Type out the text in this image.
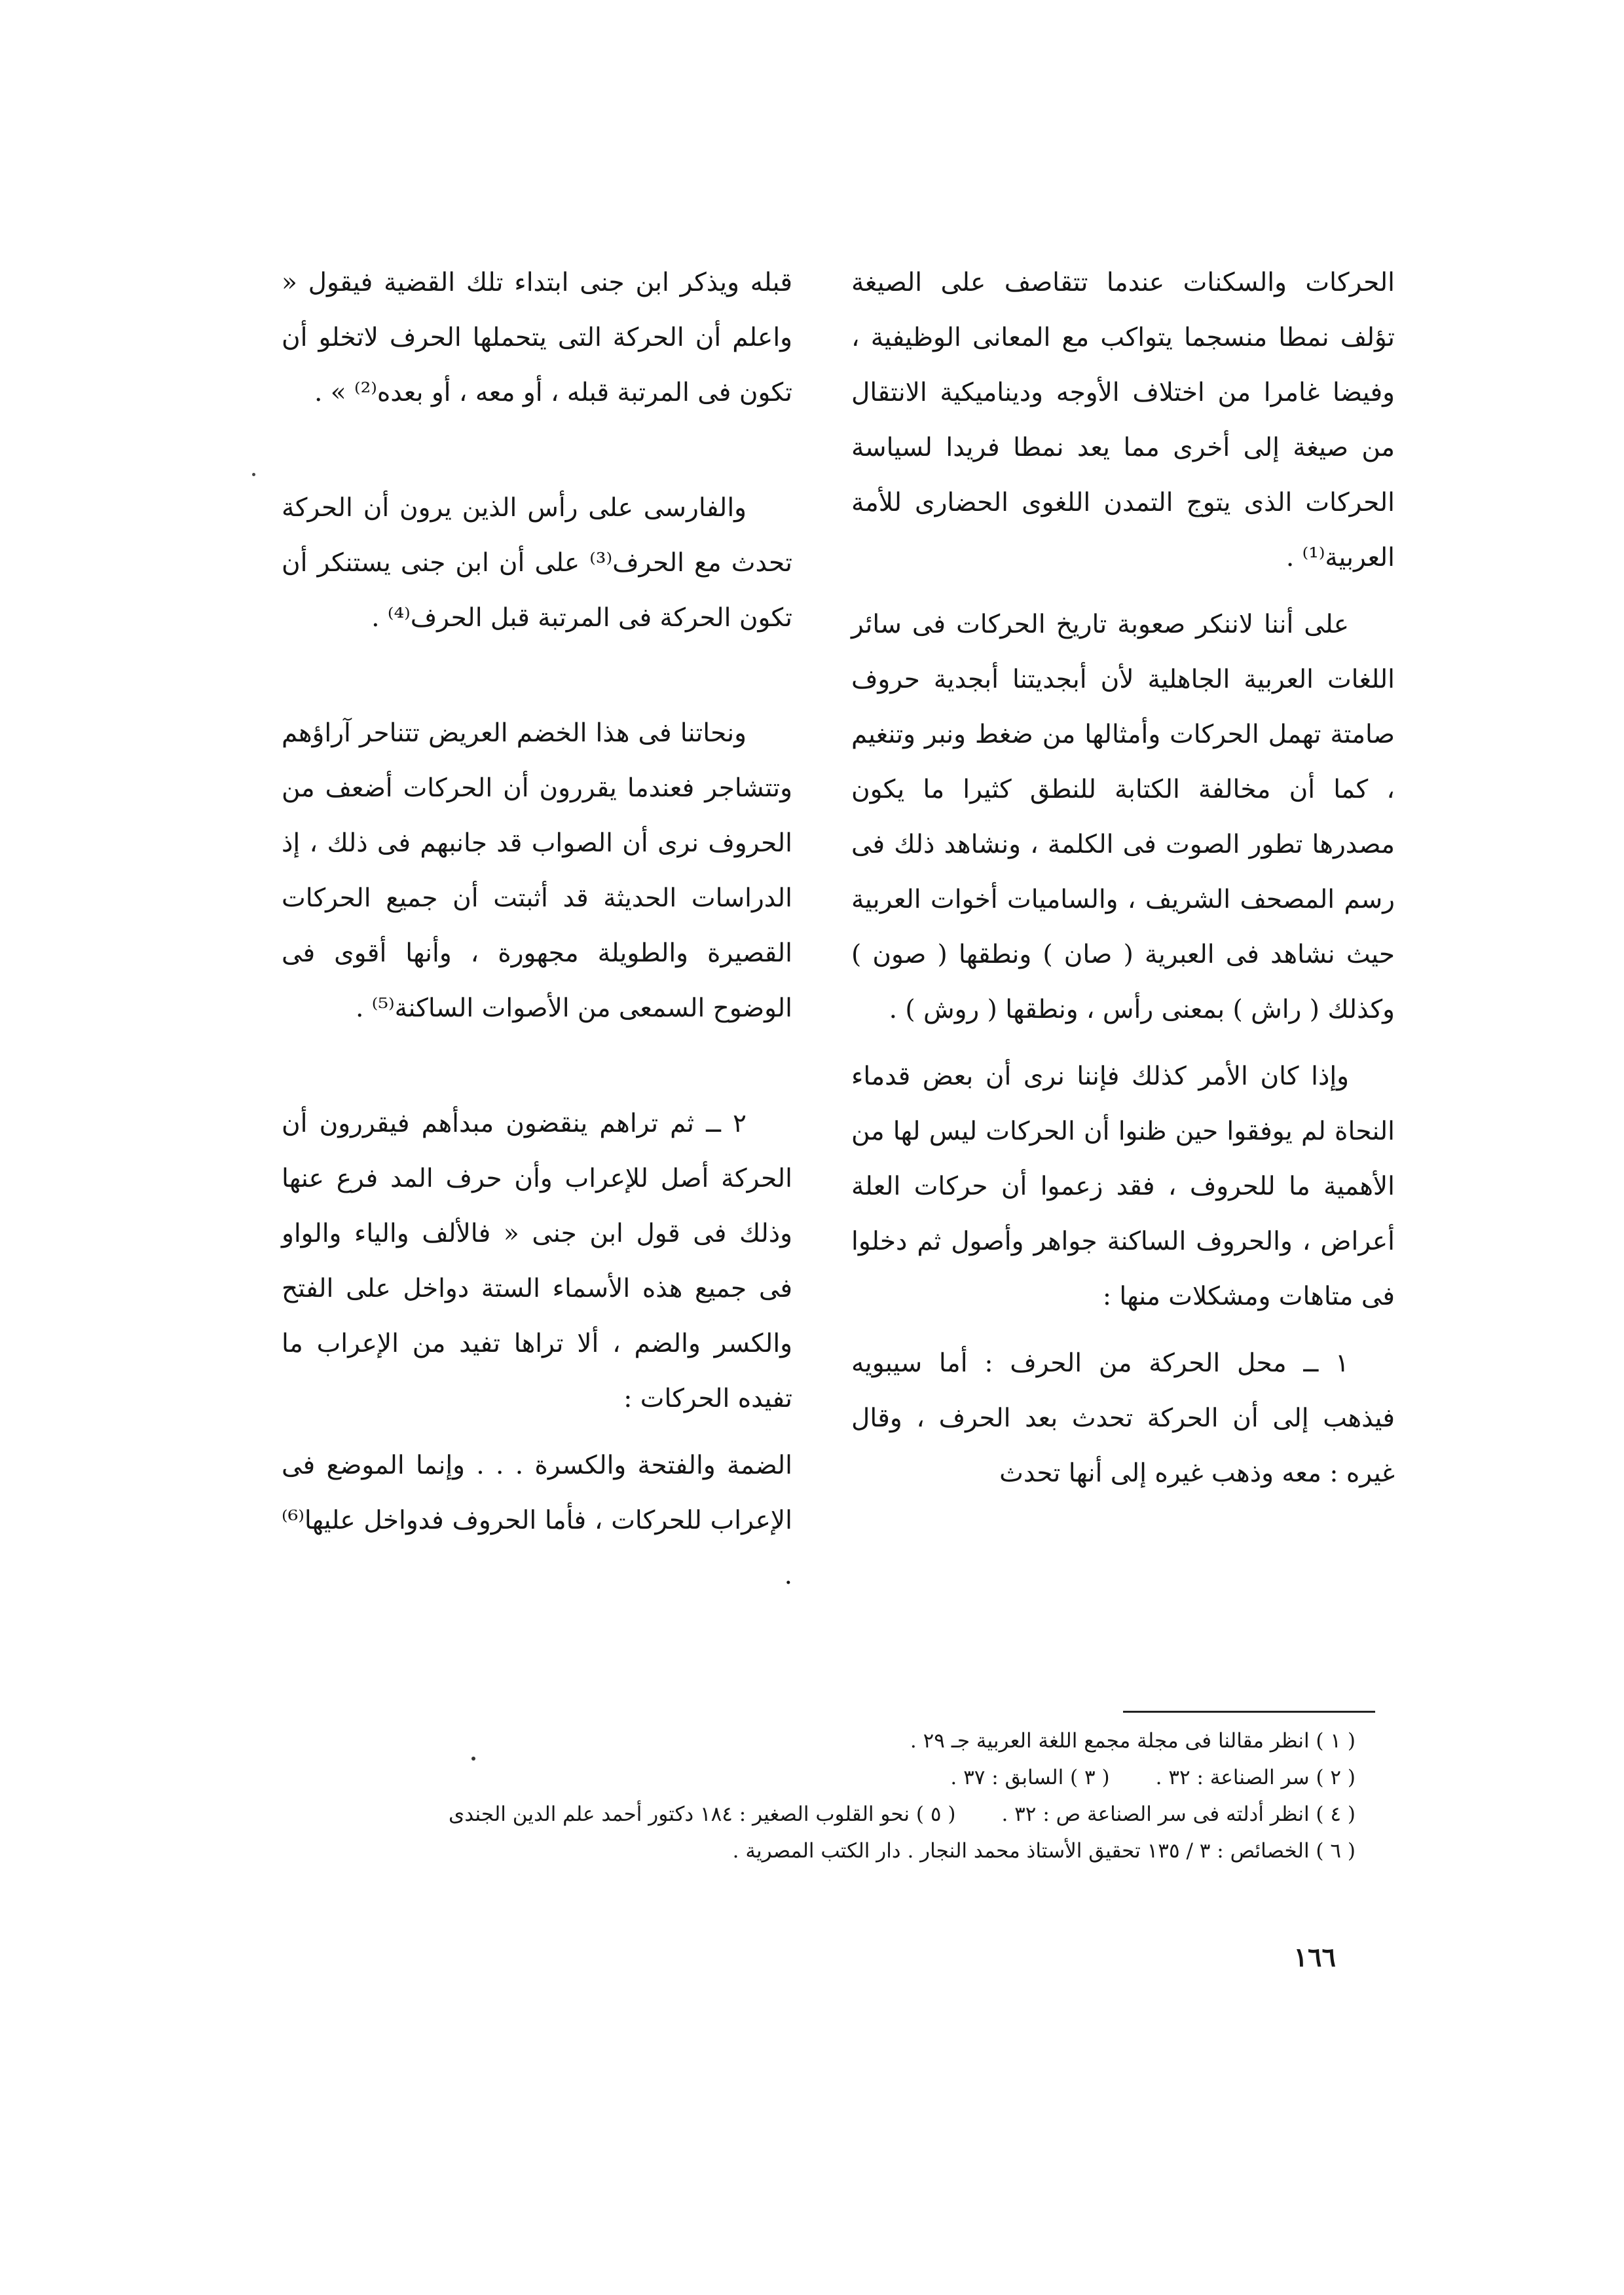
الحركات والسكنات عندما تتقاصف على الصيغة تؤلف نمطا منسجما يتواكب مع المعانى الوظيفية ، وفيضا غامرا من اختلاف الأوجه وديناميكية الانتقال من صيغة إلى أخرى مما يعد نمطا فريدا لسياسة الحركات الذى يتوج التمدن اللغوى الحضارى للأمة العربية⁽¹⁾ .

على أننا لاننكر صعوبة تاريخ الحركات فى سائر اللغات العربية الجاهلية لأن أبجديتنا أبجدية حروف صامتة تهمل الحركات وأمثالها من ضغط ونبر وتنغيم ، كما أن مخالفة الكتابة للنطق كثيرا ما يكون مصدرها تطور الصوت فى الكلمة ، ونشاهد ذلك فى رسم المصحف الشريف ، والساميات أخوات العربية حيث نشاهد فى العبرية ( صان ) ونطقها ( صون ) وكذلك ( راش ) بمعنى رأس ، ونطقها ( روش ) .

وإذا كان الأمر كذلك فإننا نرى أن بعض قدماء النحاة لم يوفقوا حين ظنوا أن الحركات ليس لها من الأهمية ما للحروف ، فقد زعموا أن حركات العلة أعراض ، والحروف الساكنة جواهر وأصول ثم دخلوا فى متاهات ومشكلات منها :

١ ــ محل الحركة من الحرف : أما سيبويه فيذهب إلى أن الحركة تحدث بعد الحرف ، وقال غيره : معه وذهب غيره إلى أنها تحدث

قبله ويذكر ابن جنى ابتداء تلك القضية فيقول « واعلم أن الحركة التى يتحملها الحرف لاتخلو أن تكون فى المرتبة قبله ، أو معه ، أو بعده⁽²⁾ » .

والفارسى على رأس الذين يرون أن الحركة تحدث مع الحرف⁽³⁾ على أن ابن جنى يستنكر أن تكون الحركة فى المرتبة قبل الحرف⁽⁴⁾ .

ونحاتنا فى هذا الخضم العريض تتناحر آراؤهم وتتشاجر فعندما يقررون أن الحركات أضعف من الحروف نرى أن الصواب قد جانبهم فى ذلك ، إذ الدراسات الحديثة قد أثبتت أن جميع الحركات القصيرة والطويلة مجهورة ، وأنها أقوى فى الوضوح السمعى من الأصوات الساكنة⁽⁵⁾ .

٢ ــ ثم تراهم ينقضون مبدأهم فيقررون أن الحركة أصل للإعراب وأن حرف المد فرع عنها وذلك فى قول ابن جنى « فالألف والياء والواو فى جميع هذه الأسماء الستة دواخل على الفتح والكسر والضم ، ألا تراها تفيد من الإعراب ما تفيده الحركات :

الضمة والفتحة والكسرة . . . وإنما الموضع فى الإعراب للحركات ، فأما الحروف فدواخل عليها⁽⁶⁾ .

( ١ ) انظر مقالنا فى مجلة مجمع اللغة العربية جـ ٢٩ .
( ٢ ) سر الصناعة : ٣٢ .
( ٣ ) السابق : ٣٧ .
( ٤ ) انظر أدلته فى سر الصناعة ص : ٣٢ .
( ٥ ) نحو القلوب الصغير : ١٨٤ دكتور أحمد علم الدين الجندى
( ٦ ) الخصائص : ٣ / ١٣٥ تحقيق الأستاذ محمد النجار . دار الكتب المصرية .
١٦٦
